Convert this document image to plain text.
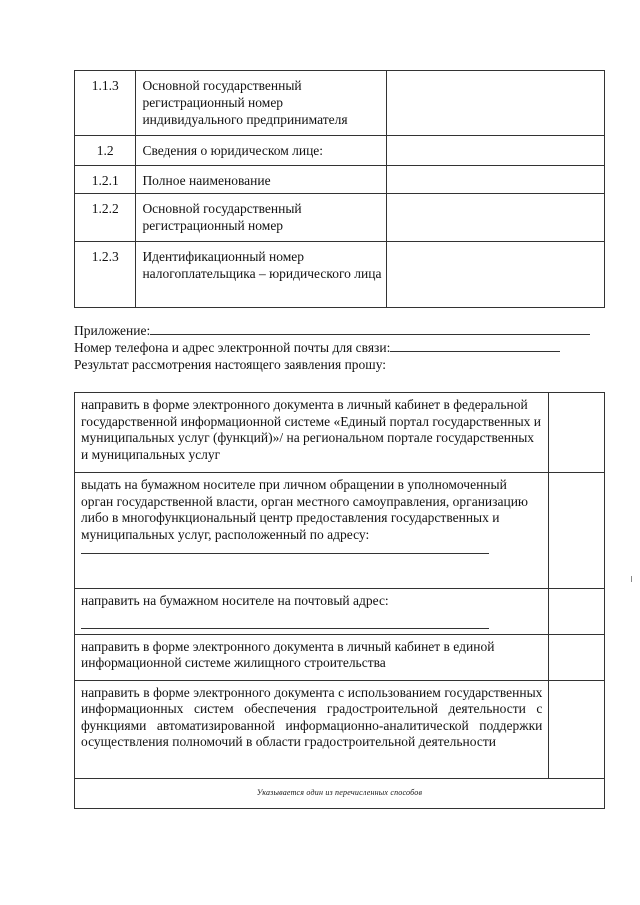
1.1.3	Основной государственный регистрационный номер индивидуального предпринимателя	
1.2	Сведения о юридическом лице:	
1.2.1	Полное наименование	
1.2.2	Основной государственный регистрационный номер	
1.2.3	Идентификационный номер налогоплательщика – юридического лица	
Приложение:
Номер телефона и адрес электронной почты для связи:
Результат рассмотрения настоящего заявления прошу:
направить в форме электронного документа в личный кабинет в федеральной государственной информационной системе «Единый портал государственных и муниципальных услуг (функций)»/ на региональном портале государственных и муниципальных услуг	

выдать на бумажном носителе при личном обращении в уполномоченный орган государственной власти, орган местного самоуправления, организацию либо в многофункциональный центр предоставления государственных и муниципальных услуг, расположенный по адресу:	

направить на бумажном носителе на почтовый адрес:	

направить в форме электронного документа в личный кабинет в единой информационной системе жилищного строительства	

направить в форме электронного документа с использованием государственных информационных систем обеспечения градостроительной деятельности с функциями автоматизированной информационно-аналитической поддержки осуществления полномочий в области градостроительной деятельности	

Указывается один из перечисленных способов	
